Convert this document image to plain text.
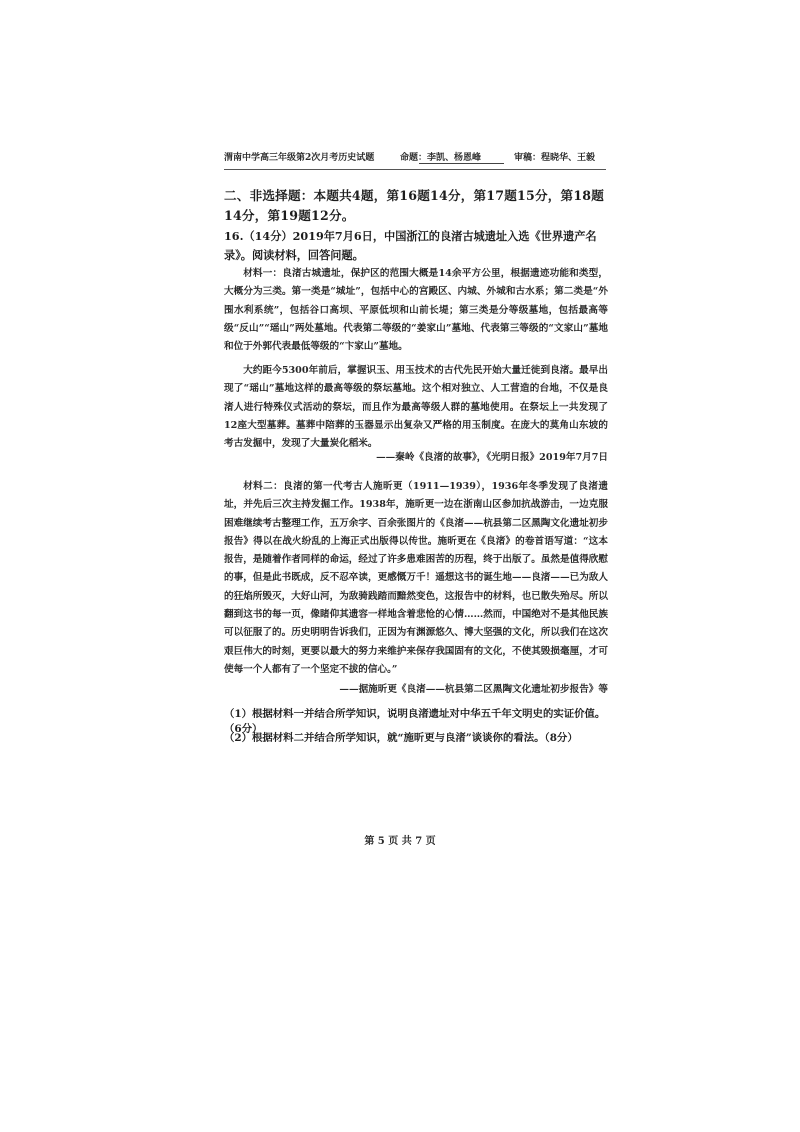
渭南中学高三年级第2次月考历史试题	命题：李凯、杨恩峰	审稿：程晓华、王毅
二、非选择题：本题共4题，第16题14分，第17题15分，第18题14分，第19题12分。
16.（14分）2019年7月6日，中国浙江的良渚古城遗址入选《世界遗产名录》。阅读材料，回答问题。
材料一：良渚古城遗址，保护区的范围大概是14余平方公里，根据遗迹功能和类型，大概分为三类。第一类是“城址”，包括中心的宫殿区、内城、外城和古水系；第二类是“外围水利系统”，包括谷口高坝、平原低坝和山前长堤；第三类是分等级墓地，包括最高等级“反山”“瑶山”两处墓地。代表第二等级的“姜家山”墓地、代表第三等级的“文家山”墓地和位于外郭代表最低等级的“卞家山”墓地。
大约距今5300年前后，掌握识玉、用玉技术的古代先民开始大量迁徙到良渚。最早出现了“瑶山”墓地这样的最高等级的祭坛墓地。这个相对独立、人工营造的台地，不仅是良渚人进行特殊仪式活动的祭坛，而且作为最高等级人群的墓地使用。在祭坛上一共发现了12座大型墓葬。墓葬中陪葬的玉器显示出复杂又严格的用玉制度。在庞大的莫角山东坡的考古发掘中，发现了大量炭化稻米。
——秦岭《良渚的故事》，《光明日报》2019年7月7日
材料二：良渚的第一代考古人施昕更（1911—1939），1936年冬季发现了良渚遗址，并先后三次主持发掘工作。1938年，施昕更一边在浙南山区参加抗战游击，一边克服困难继续考古整理工作，五万余字、百余张图片的《良渚——杭县第二区黑陶文化遗址初步报告》得以在战火纷乱的上海正式出版得以传世。施昕更在《良渚》的卷首语写道：“这本报告，是随着作者同样的命运，经过了许多患难困苦的历程，终于出版了。虽然是值得欣慰的事，但是此书既成，反不忍卒读，更感慨万千！遥想这书的诞生地——良渚——已为敌人的狂焰所毁灭，大好山河，为敌骑践踏而黯然变色，这报告中的材料，也已散失殆尽。所以翻到这书的每一页，像睹仰其遗容一样地含着悲怆的心情……然而，中国绝对不是其他民族可以征服了的。历史明明告诉我们，正因为有渊源悠久、博大坚强的文化，所以我们在这次艰巨伟大的时刻，更要以最大的努力来维护来保存我国固有的文化，不使其毁损毫厘，才可使每一个人都有了一个坚定不拔的信心。”
——据施昕更《良渚——杭县第二区黑陶文化遗址初步报告》等
（1）根据材料一并结合所学知识，说明良渚遗址对中华五千年文明史的实证价值。（6分）
（2）根据材料二并结合所学知识，就“施昕更与良渚”谈谈你的看法。（8分）
第 5 页 共 7 页
